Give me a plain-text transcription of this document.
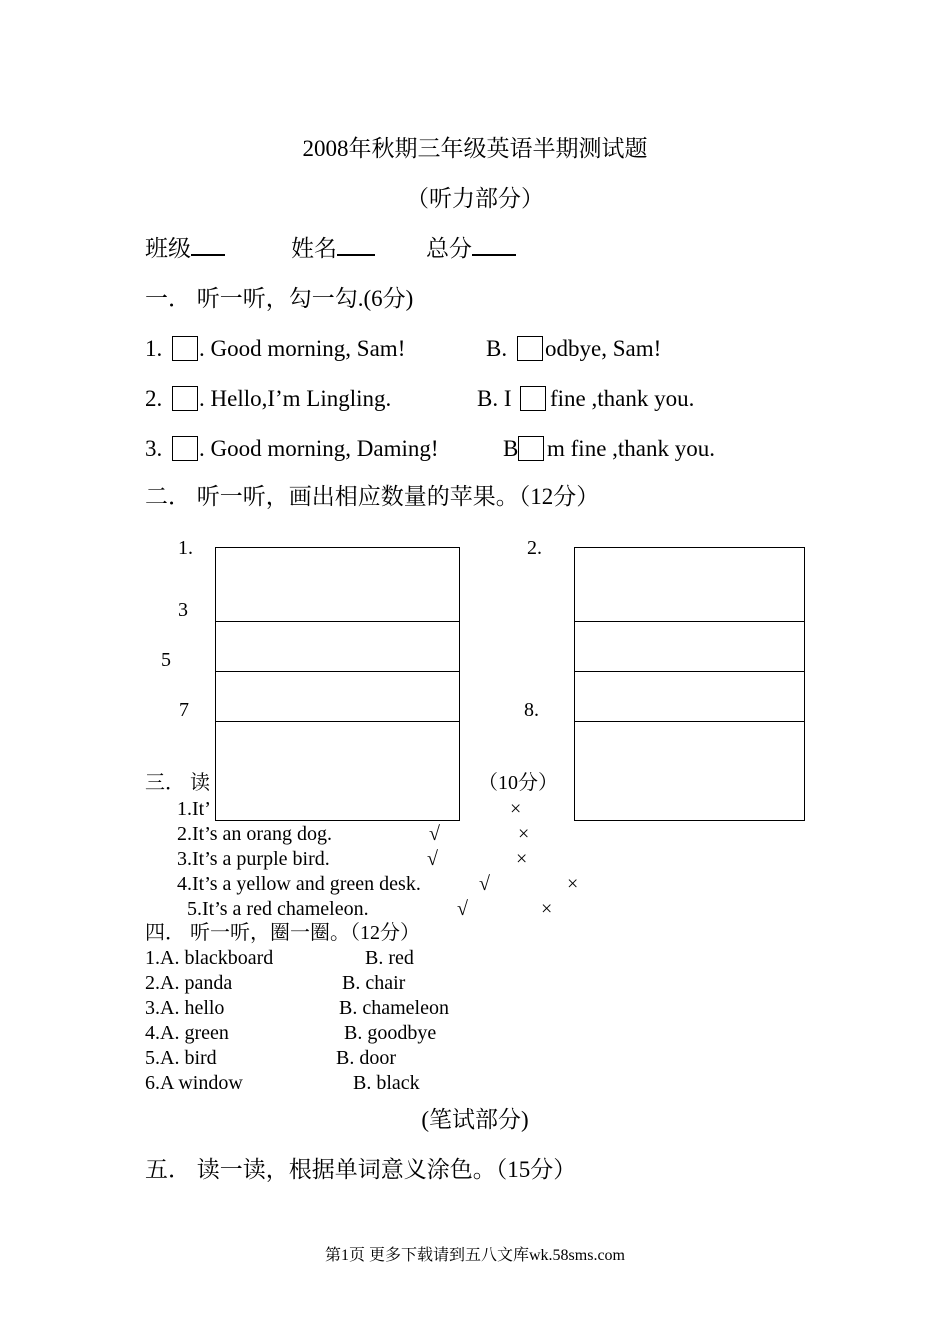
2008年秋期三年级英语半期测试题
（听力部分）
班级	姓名	总分
一． 听一听，勾一勾.(6分)
1. . Good morning, Sam!	B. odbye, Sam!
2. . Hello,I’m Lingling.	B. I fine ,thank you.
3. . Good morning, Daming!	B m fine ,thank you.
二． 听一听，画出相应数量的苹果。（12分）
1.	2.
3
5
7	8.
三． 读	（10分）
1.It’	×
2.It’s an orang dog.	√	×
3.It’s a purple bird.	√	×
4.It’s a yellow and green desk.	√	×
5.It’s a red chameleon.	√	×
四． 听一听，圈一圈。（12分）
1.A. blackboard	B. red
2.A. panda	B. chair
3.A. hello	B. chameleon
4.A. green	B. goodbye
5.A. bird	B. door
6.A window	B. black
(笔试部分)
五． 读一读，根据单词意义涂色。（15分）
第1页 更多下载请到五八文库wk.58sms.com
